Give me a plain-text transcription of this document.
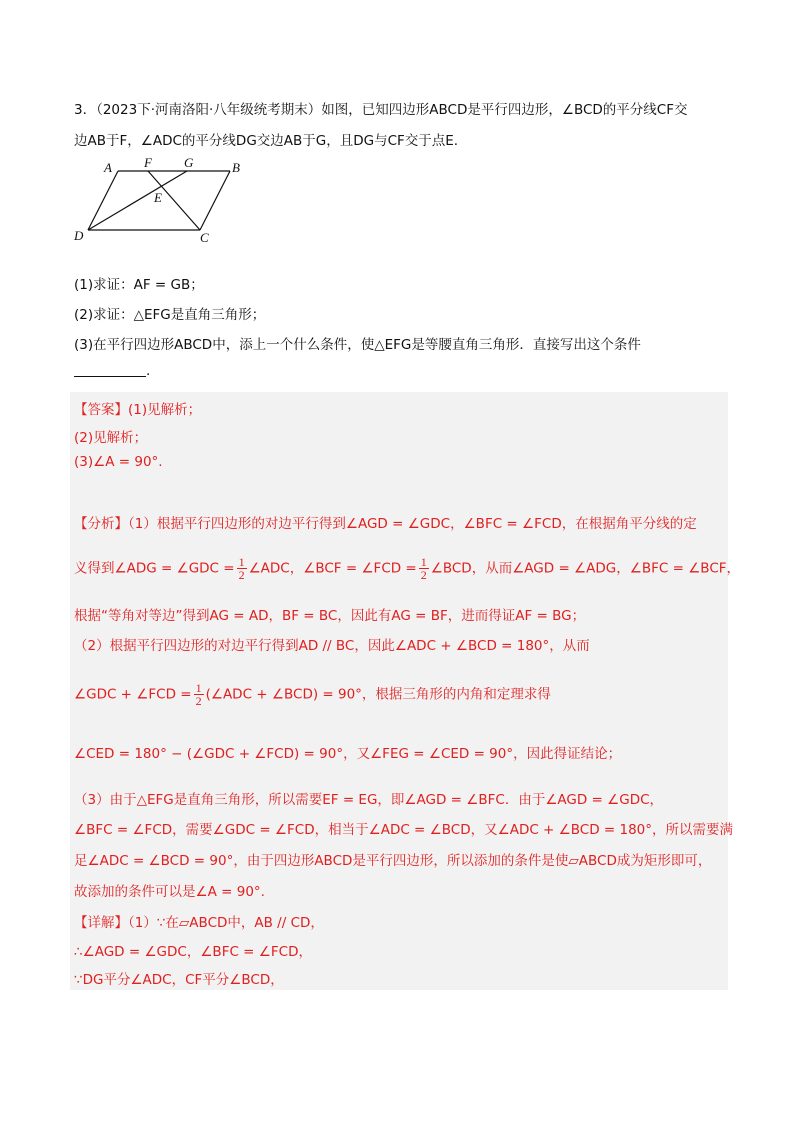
3．（2023下·河南洛阳·八年级统考期末）如图，已知四边形ABCD是平行四边形，∠BCD的平分线CF交
边AB于F，∠ADC的平分线DG交边AB于G，且DG与CF交于点E.
A F G	B
E
D	C
(1)求证：AF = GB；
(2)求证：△EFG是直角三角形；
(3)在平行四边形ABCD中，添上一个什么条件，使△EFG是等腰直角三角形．直接写出这个条件
.
【答案】(1)见解析；
(2)见解析；
(3)∠A = 90°.
【分析】（1）根据平行四边形的对边平行得到∠AGD = ∠GDC，∠BFC = ∠FCD，在根据角平分线的定
义得到∠ADG = ∠GDC = $\frac{1}{2}$ ∠ADC，∠BCF = ∠FCD = $\frac{1}{2}$ ∠BCD，从而∠AGD = ∠ADG，∠BFC = ∠BCF，
根据“等角对等边”得到AG = AD，BF = BC，因此有AG = BF，进而得证AF = BG；
（2）根据平行四边形的对边平行得到AD // BC，因此∠ADC + ∠BCD = 180°，从而
∠GDC + ∠FCD = $\frac{1}{2}$ (∠ADC + ∠BCD) = 90°，根据三角形的内角和定理求得
∠CED = 180° − (∠GDC + ∠FCD) = 90°，又∠FEG = ∠CED = 90°，因此得证结论；
（3）由于△EFG是直角三角形，所以需要EF = EG，即∠AGD = ∠BFC．由于∠AGD = ∠GDC，
∠BFC = ∠FCD，需要∠GDC = ∠FCD，相当于∠ADC = ∠BCD，又∠ADC + ∠BCD = 180°，所以需要满
足∠ADC = ∠BCD = 90°，由于四边形ABCD是平行四边形，所以添加的条件是使▱ABCD成为矩形即可，
故添加的条件可以是∠A = 90°.
【详解】（1）∵在▱ABCD中，AB // CD，
∴∠AGD = ∠GDC，∠BFC = ∠FCD，
∵DG平分∠ADC，CF平分∠BCD，
